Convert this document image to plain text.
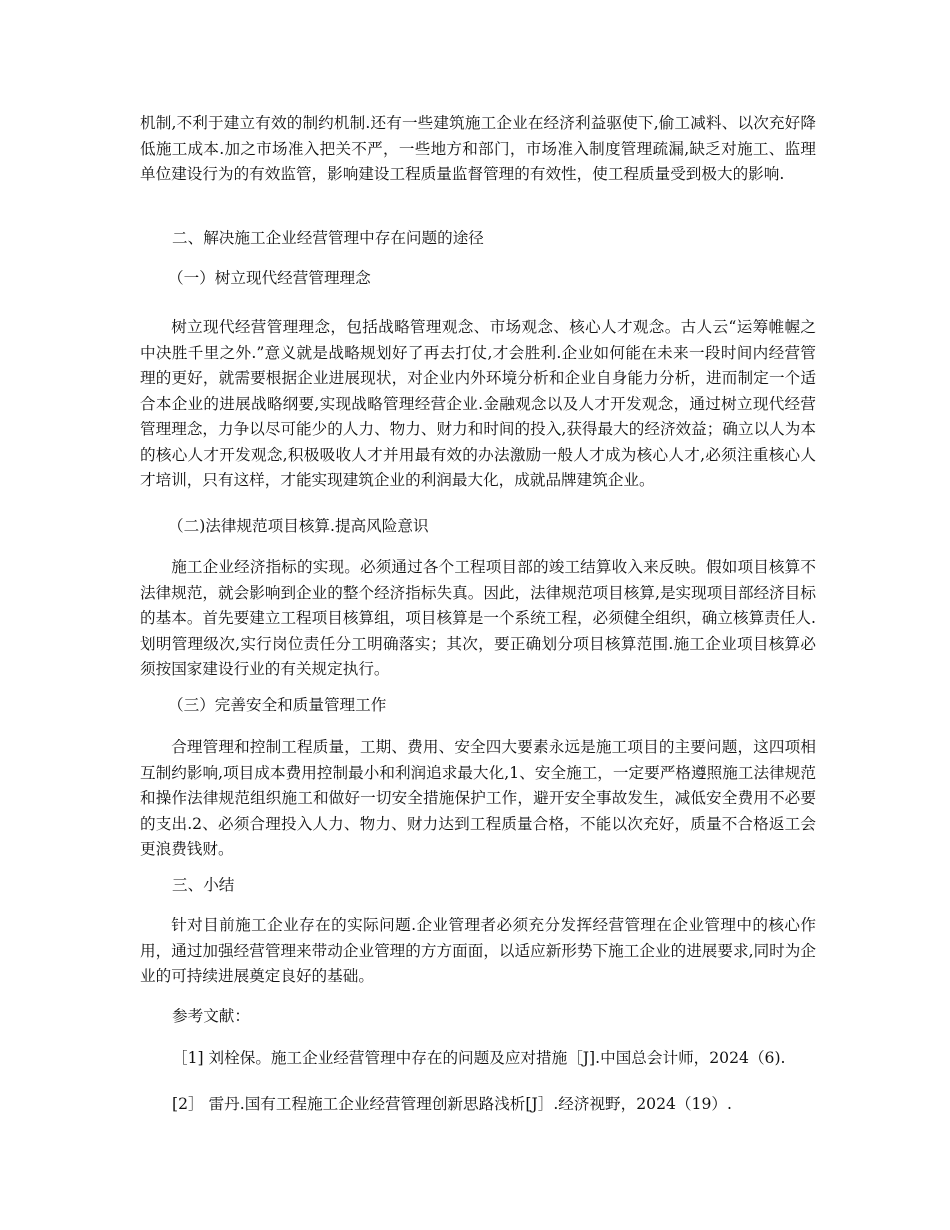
机制,不利于建立有效的制约机制.还有一些建筑施工企业在经济利益驱使下,偷工减料、以次充好降低施工成本.加之市场准入把关不严，一些地方和部门，市场准入制度管理疏漏,缺乏对施工、监理单位建设行为的有效监管，影响建设工程质量监督管理的有效性，使工程质量受到极大的影响.

二、解决施工企业经营管理中存在问题的途径

（一）树立现代经营管理理念

树立现代经营管理理念，包括战略管理观念、市场观念、核心人才观念。古人云“运筹帷幄之中决胜千里之外.”意义就是战略规划好了再去打仗,才会胜利.企业如何能在未来一段时间内经营管理的更好，就需要根据企业进展现状，对企业内外环境分析和企业自身能力分析，进而制定一个适合本企业的进展战略纲要,实现战略管理经营企业.金融观念以及人才开发观念，通过树立现代经营管理理念，力争以尽可能少的人力、物力、财力和时间的投入,获得最大的经济效益；确立以人为本的核心人才开发观念,积极吸收人才并用最有效的办法激励一般人才成为核心人才,必须注重核心人才培训，只有这样，才能实现建筑企业的利润最大化，成就品牌建筑企业。

（二)法律规范项目核算.提高风险意识

施工企业经济指标的实现。必须通过各个工程项目部的竣工结算收入来反映。假如项目核算不法律规范，就会影响到企业的整个经济指标失真。因此，法律规范项目核算,是实现项目部经济目标的基本。首先要建立工程项目核算组，项目核算是一个系统工程，必须健全组织，确立核算责任人.划明管理级次,实行岗位责任分工明确落实；其次，要正确划分项目核算范围.施工企业项目核算必须按国家建设行业的有关规定执行。

（三）完善安全和质量管理工作

合理管理和控制工程质量，工期、费用、安全四大要素永远是施工项目的主要问题，这四项相互制约影响,项目成本费用控制最小和利润追求最大化,1、安全施工，一定要严格遵照施工法律规范和操作法律规范组织施工和做好一切安全措施保护工作，避开安全事故发生，减低安全费用不必要的支出.2、必须合理投入人力、物力、财力达到工程质量合格，不能以次充好，质量不合格返工会更浪费钱财。

三、小结

针对目前施工企业存在的实际问题.企业管理者必须充分发挥经营管理在企业管理中的核心作用，通过加强经营管理来带动企业管理的方方面面，以适应新形势下施工企业的进展要求,同时为企业的可持续进展奠定良好的基础。

参考文献：

［1] 刘栓保。施工企业经营管理中存在的问题及应对措施［J].中国总会计师，2024（6).

[2］ 雷丹.国有工程施工企业经营管理创新思路浅析[J］.经济视野，2024（19）.
